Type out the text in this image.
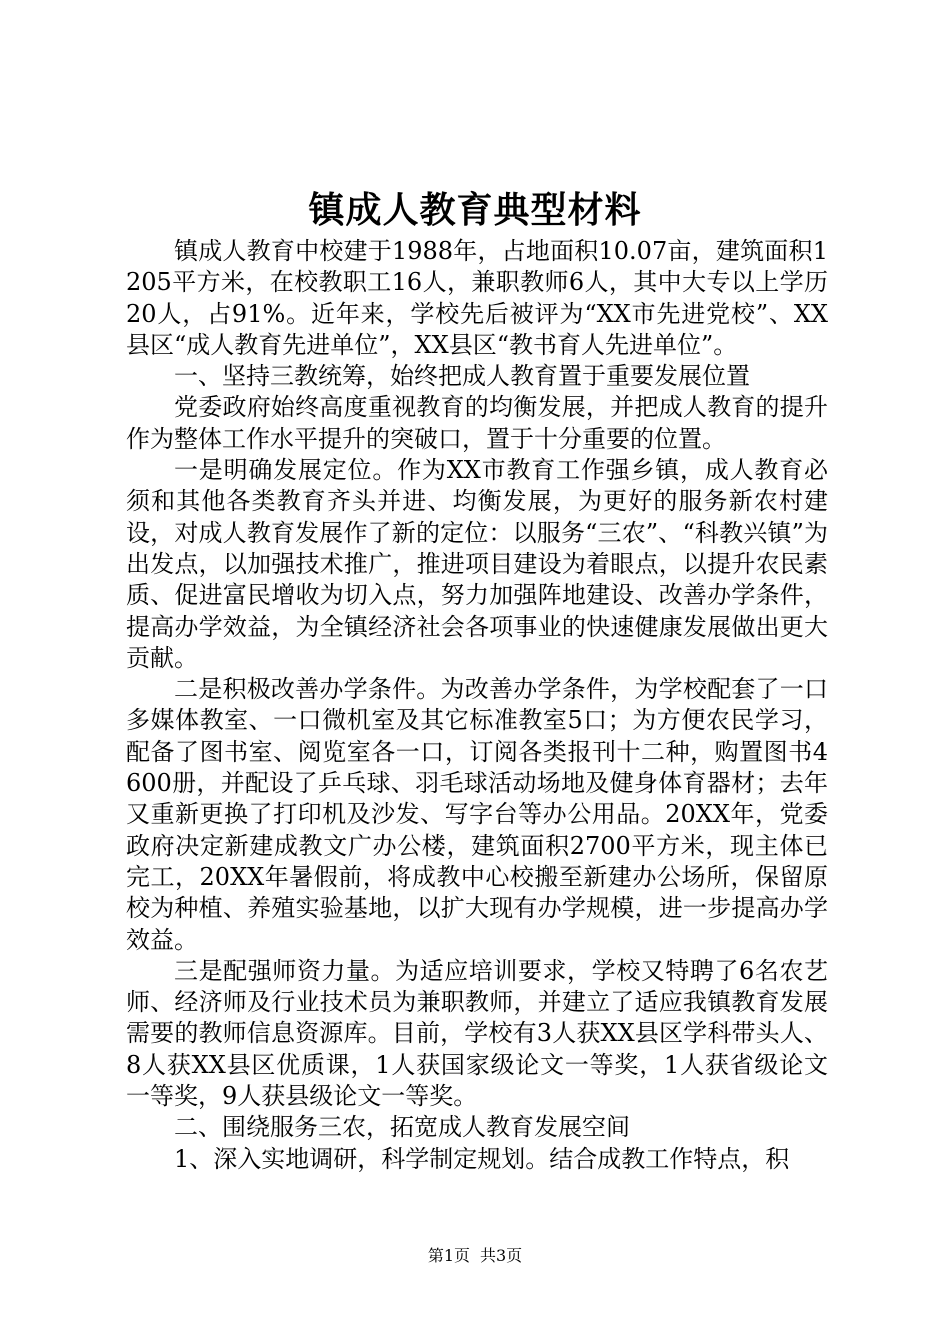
镇成人教育典型材料

镇成人教育中校建于1988年，占地面积10.07亩，建筑面积1205平方米，在校教职工16人，兼职教师6人，其中大专以上学历20人，占91%。近年来，学校先后被评为“XX市先进党校”、XX县区“成人教育先进单位”，XX县区“教书育人先进单位”。

一、坚持三教统筹，始终把成人教育置于重要发展位置

党委政府始终高度重视教育的均衡发展，并把成人教育的提升作为整体工作水平提升的突破口，置于十分重要的位置。

一是明确发展定位。作为XX市教育工作强乡镇，成人教育必须和其他各类教育齐头并进、均衡发展，为更好的服务新农村建设，对成人教育发展作了新的定位：以服务“三农”、“科教兴镇”为出发点，以加强技术推广，推进项目建设为着眼点，以提升农民素质、促进富民增收为切入点，努力加强阵地建设、改善办学条件，提高办学效益，为全镇经济社会各项事业的快速健康发展做出更大贡献。

二是积极改善办学条件。为改善办学条件，为学校配套了一口多媒体教室、一口微机室及其它标准教室5口；为方便农民学习，配备了图书室、阅览室各一口，订阅各类报刊十二种，购置图书4600册，并配设了乒乓球、羽毛球活动场地及健身体育器材；去年又重新更换了打印机及沙发、写字台等办公用品。20XX年，党委政府决定新建成教文广办公楼，建筑面积2700平方米，现主体已完工，20XX年暑假前，将成教中心校搬至新建办公场所，保留原校为种植、养殖实验基地，以扩大现有办学规模，进一步提高办学效益。

三是配强师资力量。为适应培训要求，学校又特聘了6名农艺师、经济师及行业技术员为兼职教师，并建立了适应我镇教育发展需要的教师信息资源库。目前，学校有3人获XX县区学科带头人、8人获XX县区优质课，1人获国家级论文一等奖，1人获省级论文一等奖，9人获县级论文一等奖。

二、围绕服务三农，拓宽成人教育发展空间

1、深入实地调研，科学制定规划。结合成教工作特点，积

第1页 共3页
